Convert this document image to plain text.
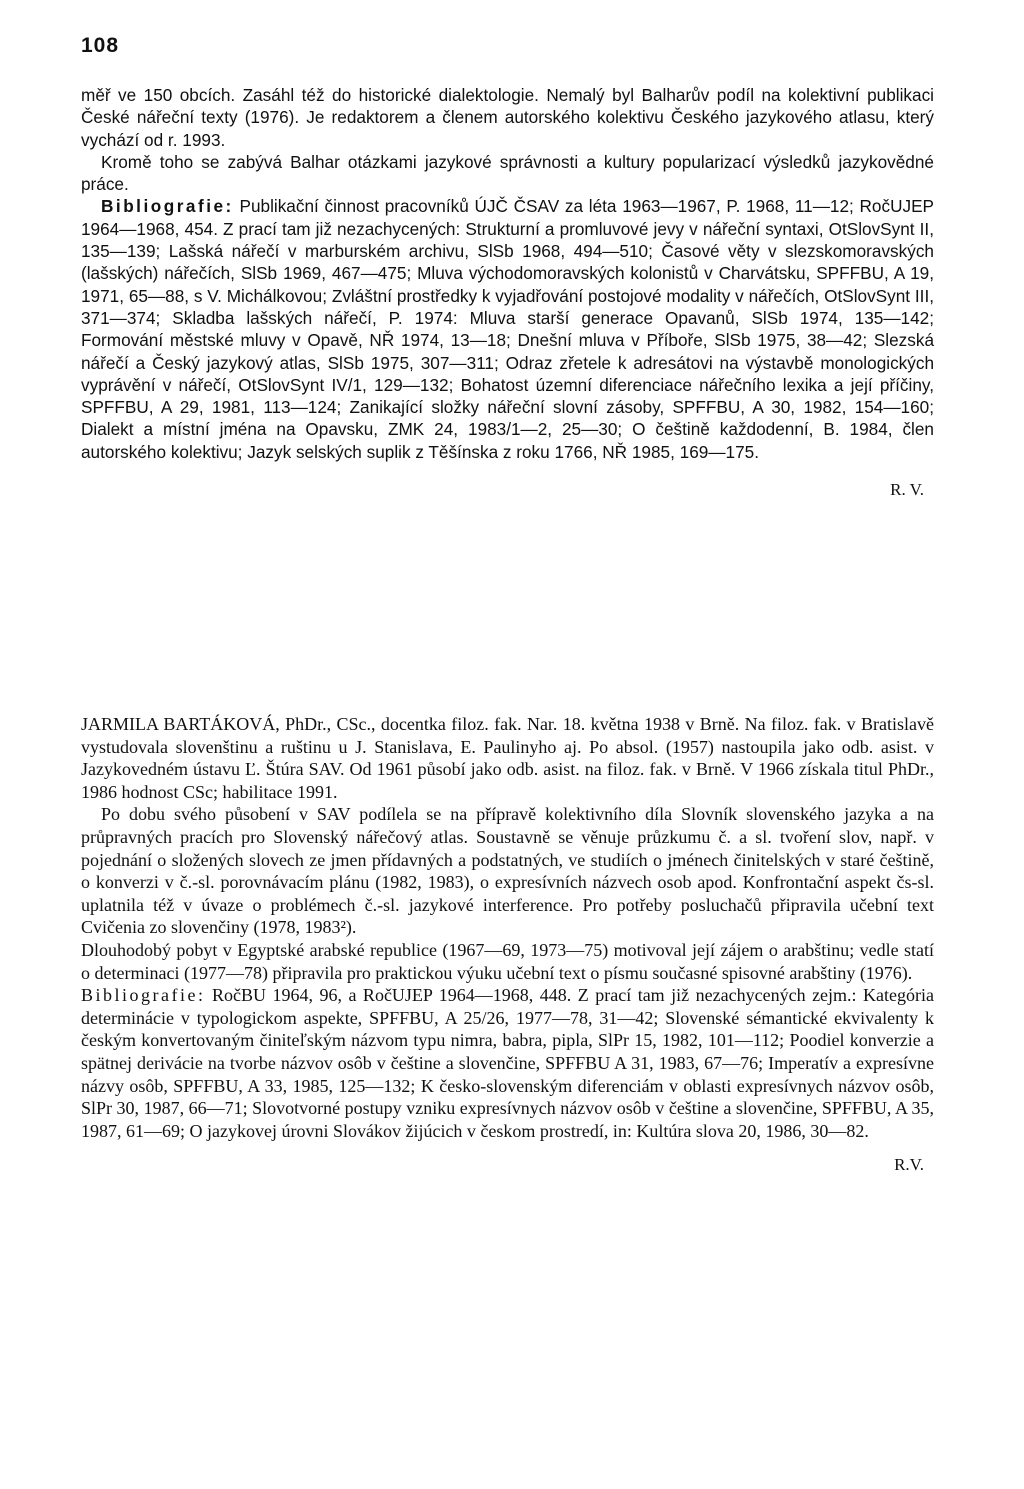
108

měř ve 150 obcích. Zasáhl též do historické dialektologie. Nemalý byl Balharův podíl na kolektivní publikaci České nářeční texty (1976). Je redaktorem a členem autorského kolektivu Českého jazykového atlasu, který vychází od r. 1993.

Kromě toho se zabývá Balhar otázkami jazykové správnosti a kultury popularizací výsledků jazykovědné práce.

Bibliografie: Publikační činnost pracovníků ÚJČ ČSAV za léta 1963—1967, P. 1968, 11—12; RočUJEP 1964—1968, 454. Z prací tam již nezachycených: Strukturní a promluvové jevy v nářeční syntaxi, OtSlovSynt II, 135—139; Lašská nářečí v marburském archivu, SlSb 1968, 494—510; Časové věty v slezskomoravských (lašských) nářečích, SlSb 1969, 467—475; Mluva východomoravských kolonistů v Charvátsku, SPFFBU, A 19, 1971, 65—88, s V. Michálkovou; Zvláštní prostředky k vyjadřování postojové modality v nářečích, OtSlovSynt III, 371—374; Skladba lašských nářečí, P. 1974: Mluva starší generace Opavanů, SlSb 1974, 135—142; Formování městské mluvy v Opavě, NŘ 1974, 13—18; Dnešní mluva v Příboře, SlSb 1975, 38—42; Slezská nářečí a Český jazykový atlas, SlSb 1975, 307—311; Odraz zřetele k adresátovi na výstavbě monologických vyprávění v nářečí, OtSlovSynt IV/1, 129—132; Bohatost územní diferenciace nářečního lexika a její příčiny, SPFFBU, A 29, 1981, 113—124; Zanikající složky nářeční slovní zásoby, SPFFBU, A 30, 1982, 154—160; Dialekt a místní jména na Opavsku, ZMK 24, 1983/1—2, 25—30; O češtině každodenní, B. 1984, člen autorského kolektivu; Jazyk selských suplik z Těšínska z roku 1766, NŘ 1985, 169—175.

R. V.

JARMILA BARTÁKOVÁ, PhDr., CSc., docentka filoz. fak. Nar. 18. května 1938 v Brně. Na filoz. fak. v Bratislavě vystudovala slovenštinu a ruštinu u J. Stanislava, E. Paulinyho aj. Po absol. (1957) nastoupila jako odb. asist. v Jazykovedném ústavu Ľ. Štúra SAV. Od 1961 působí jako odb. asist. na filoz. fak. v Brně. V 1966 získala titul PhDr., 1986 hodnost CSc; habilitace 1991.

Po dobu svého působení v SAV podílela se na přípravě kolektivního díla Slovník slovenského jazyka a na průpravných pracích pro Slovenský nářečový atlas. Soustavně se věnuje průzkumu č. a sl. tvoření slov, např. v pojednání o složených slovech ze jmen přídavných a podstatných, ve studiích o jménech činitelských v staré češtině, o konverzi v č.-sl. porovnávacím plánu (1982, 1983), o expresívních názvech osob apod. Konfrontační aspekt čs-sl. uplatnila též v úvaze o problémech č.-sl. jazykové interference. Pro potřeby posluchačů připravila učební text Cvičenia zo slovenčiny (1978, 1983²).

Dlouhodobý pobyt v Egyptské arabské republice (1967—69, 1973—75) motivoval její zájem o arabštinu; vedle statí o determinaci (1977—78) připravila pro praktickou výuku učební text o písmu současné spisovné arabštiny (1976).

Bibliografie: RočBU 1964, 96, a RočUJEP 1964—1968, 448. Z prací tam již nezachycených zejm.: Kategória determinácie v typologickom aspekte, SPFFBU, A 25/26, 1977—78, 31—42; Slovenské sémantické ekvivalenty k českým konvertovaným činiteľským názvom typu nimra, babra, pipla, SlPr 15, 1982, 101—112; Poodiel konverzie a spätnej derivácie na tvorbe názvov osôb v češtine a slovenčine, SPFFBU A 31, 1983, 67—76; Imperatív a expresívne názvy osôb, SPFFBU, A 33, 1985, 125—132; K česko-slovenským diferenciám v oblasti expresívnych názvov osôb, SlPr 30, 1987, 66—71; Slovotvorné postupy vzniku expresívnych názvov osôb v češtine a slovenčine, SPFFBU, A 35, 1987, 61—69; O jazykovej úrovni Slovákov žijúcich v českom prostredí, in: Kultúra slova 20, 1986, 30—82.

R.V.
